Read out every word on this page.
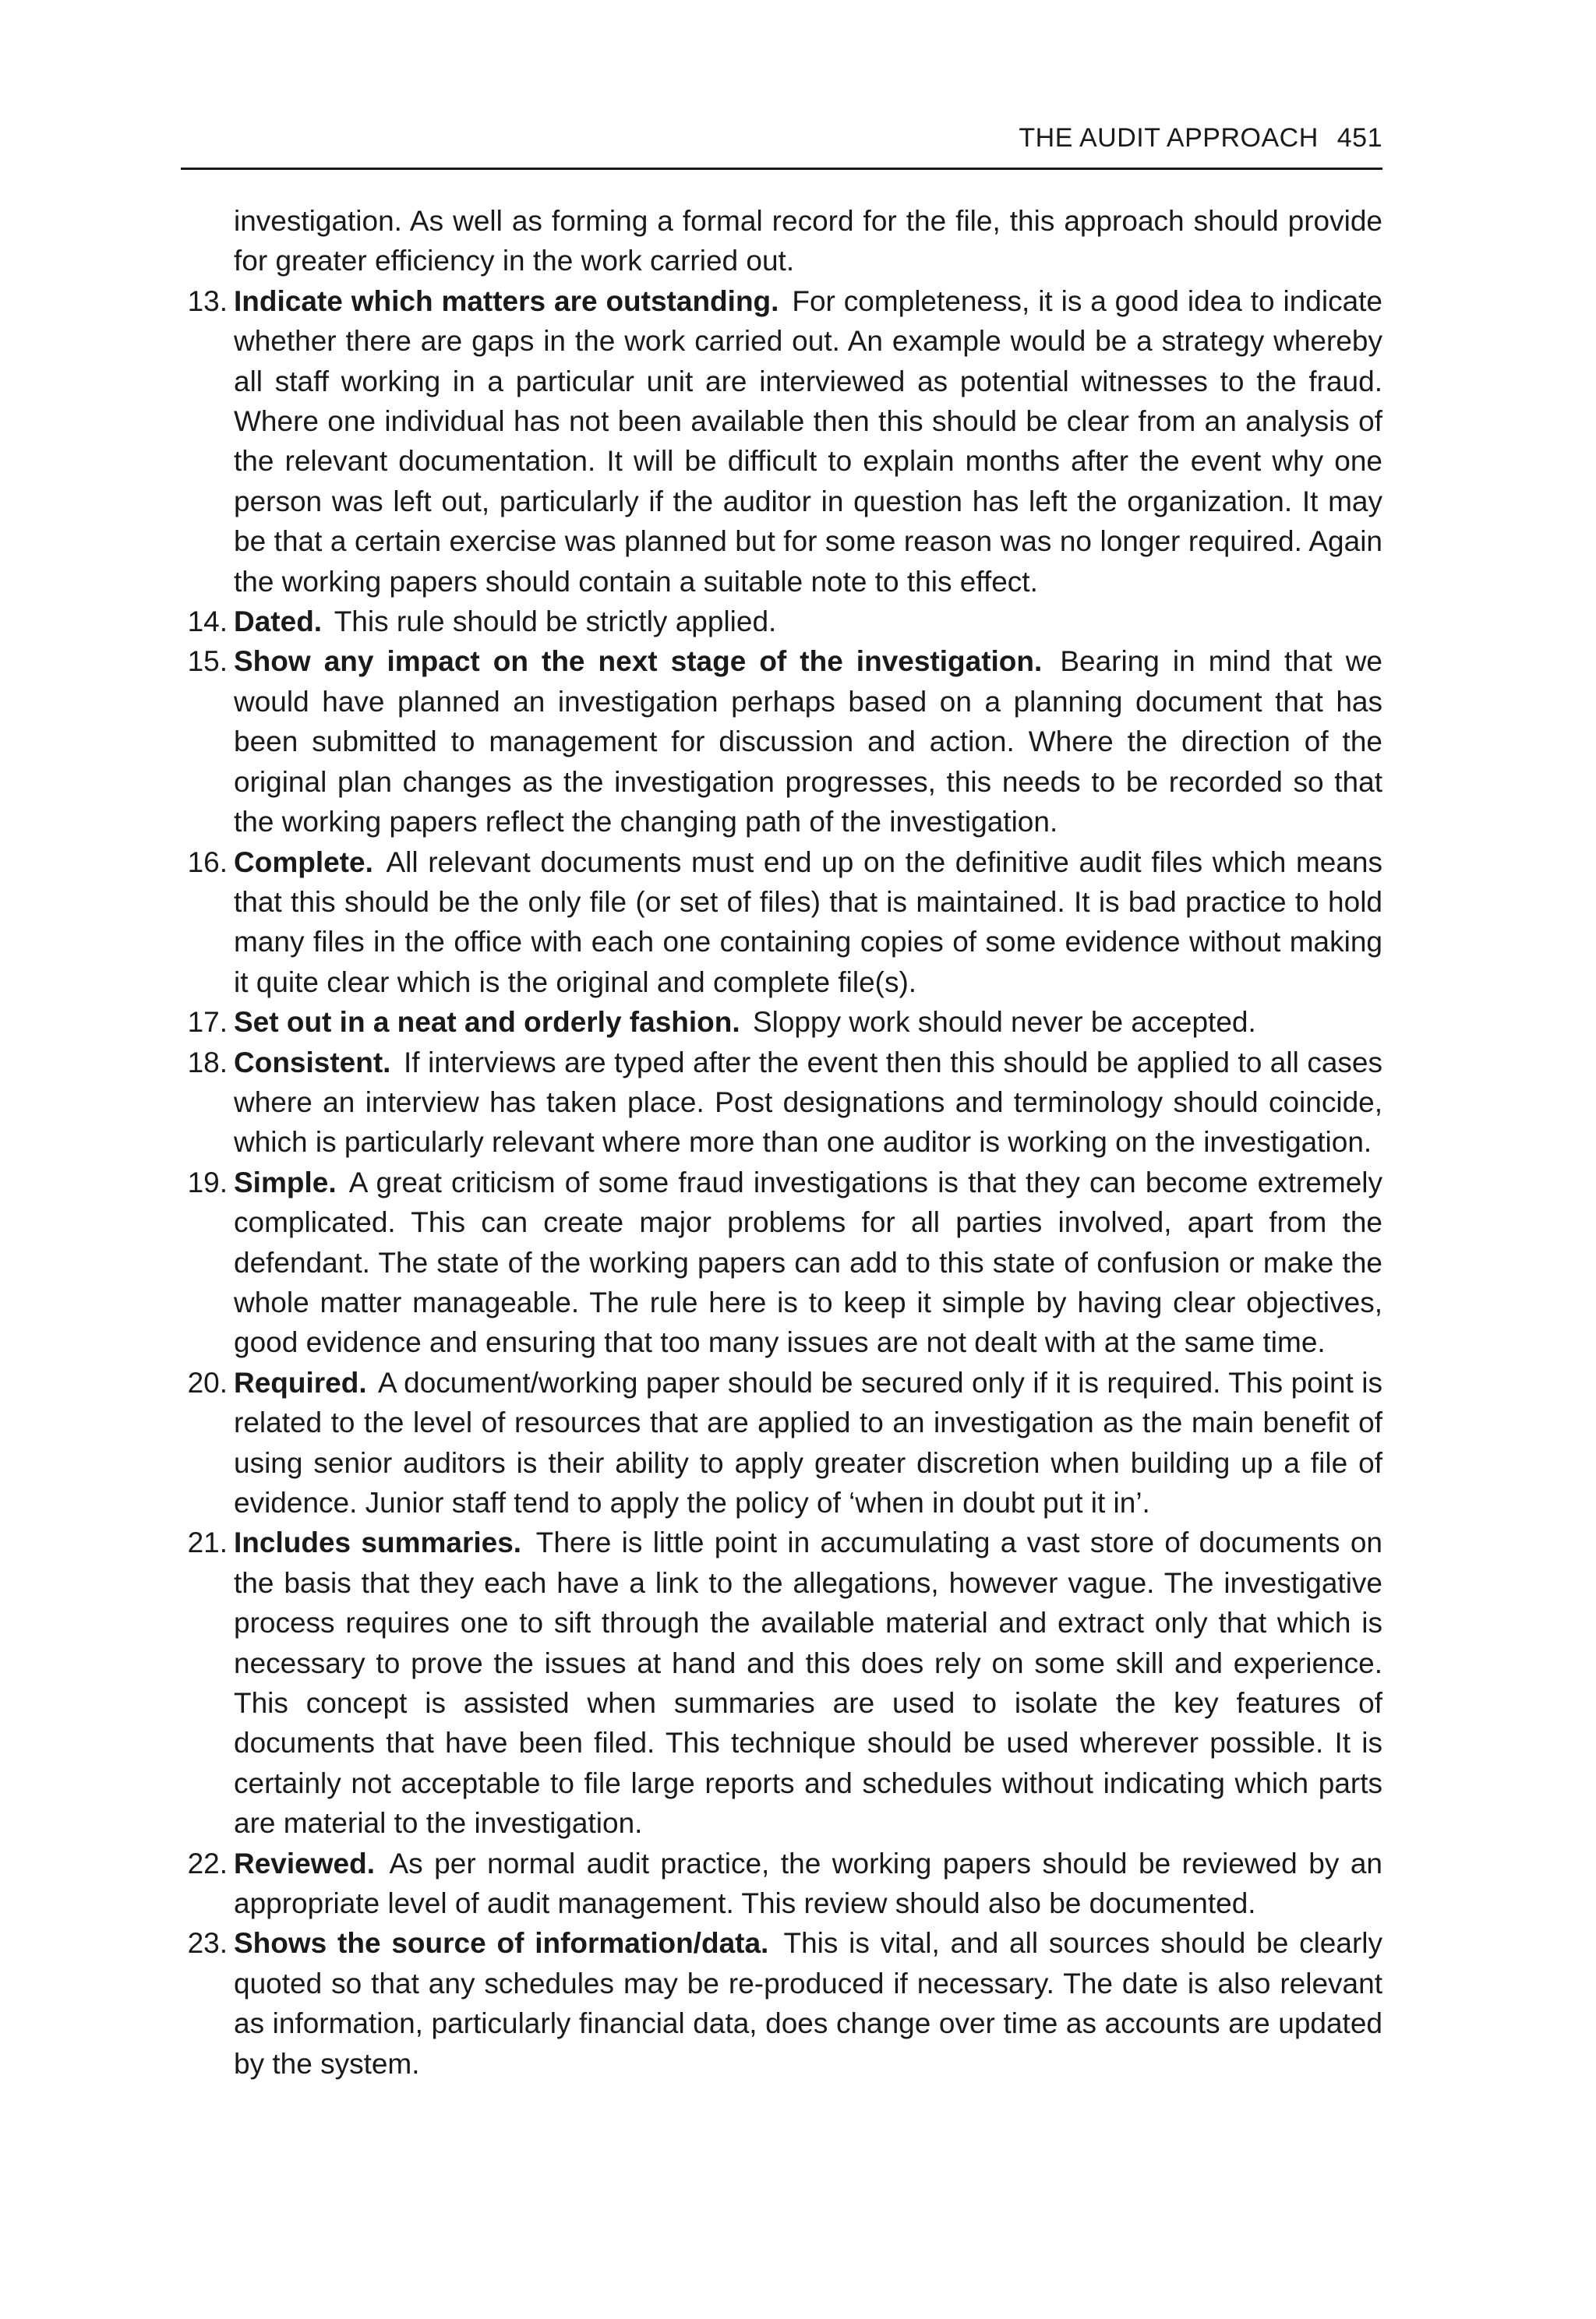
THE AUDIT APPROACH 451
investigation. As well as forming a formal record for the file, this approach should provide for greater efficiency in the work carried out.
13. Indicate which matters are outstanding. For completeness, it is a good idea to indicate whether there are gaps in the work carried out. An example would be a strategy whereby all staff working in a particular unit are interviewed as potential witnesses to the fraud. Where one individual has not been available then this should be clear from an analysis of the relevant documentation. It will be difficult to explain months after the event why one person was left out, particularly if the auditor in question has left the organization. It may be that a certain exercise was planned but for some reason was no longer required. Again the working papers should contain a suitable note to this effect.
14. Dated. This rule should be strictly applied.
15. Show any impact on the next stage of the investigation. Bearing in mind that we would have planned an investigation perhaps based on a planning document that has been submitted to management for discussion and action. Where the direction of the original plan changes as the investigation progresses, this needs to be recorded so that the working papers reflect the changing path of the investigation.
16. Complete. All relevant documents must end up on the definitive audit files which means that this should be the only file (or set of files) that is maintained. It is bad practice to hold many files in the office with each one containing copies of some evidence without making it quite clear which is the original and complete file(s).
17. Set out in a neat and orderly fashion. Sloppy work should never be accepted.
18. Consistent. If interviews are typed after the event then this should be applied to all cases where an interview has taken place. Post designations and terminology should coincide, which is particularly relevant where more than one auditor is working on the investigation.
19. Simple. A great criticism of some fraud investigations is that they can become extremely complicated. This can create major problems for all parties involved, apart from the defendant. The state of the working papers can add to this state of confusion or make the whole matter manageable. The rule here is to keep it simple by having clear objectives, good evidence and ensuring that too many issues are not dealt with at the same time.
20. Required. A document/working paper should be secured only if it is required. This point is related to the level of resources that are applied to an investigation as the main benefit of using senior auditors is their ability to apply greater discretion when building up a file of evidence. Junior staff tend to apply the policy of ‘when in doubt put it in’.
21. Includes summaries. There is little point in accumulating a vast store of documents on the basis that they each have a link to the allegations, however vague. The investigative process requires one to sift through the available material and extract only that which is necessary to prove the issues at hand and this does rely on some skill and experience. This concept is assisted when summaries are used to isolate the key features of documents that have been filed. This technique should be used wherever possible. It is certainly not acceptable to file large reports and schedules without indicating which parts are material to the investigation.
22. Reviewed. As per normal audit practice, the working papers should be reviewed by an appropriate level of audit management. This review should also be documented.
23. Shows the source of information/data. This is vital, and all sources should be clearly quoted so that any schedules may be re-produced if necessary. The date is also relevant as information, particularly financial data, does change over time as accounts are updated by the system.
